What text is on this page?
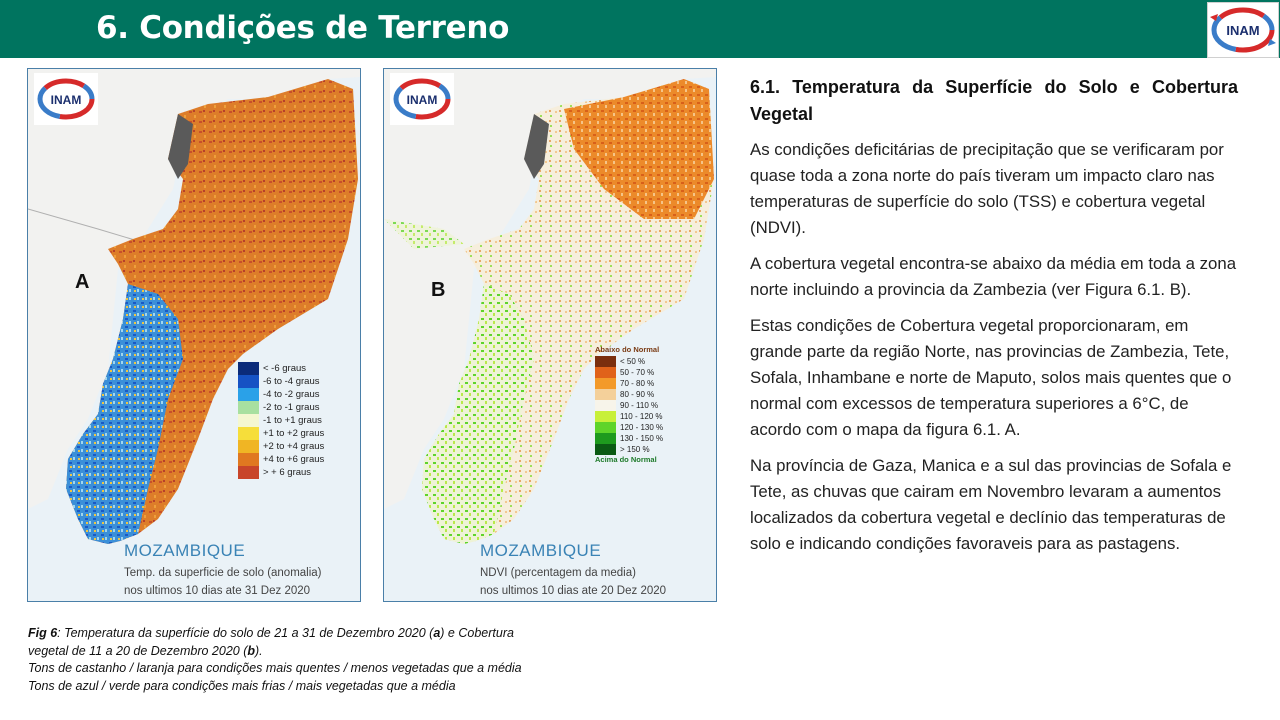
6. Condições de Terreno	INAM
INAM
A
< -6 graus
-6 to -4 graus
-4 to -2 graus
-2 to -1 graus
-1 to +1 graus
+1 to +2 graus
+2 to +4 graus
+4 to +6 graus
> + 6 graus
MOZAMBIQUE
Temp. da superficie de solo (anomalia)
nos ultimos 10 dias ate 31 Dez 2020
INAM
B
Abaixo do Normal
< 50 %
50 - 70 %
70 - 80 %
80 - 90 %
90 - 110 %
110 - 120 %
120 - 130 %
130 - 150 %
> 150 %
Acima do Normal
MOZAMBIQUE
NDVI (percentagem da media)
nos ultimos 10 dias ate 20 Dez 2020
Fig 6: Temperatura da superfície do solo de 21 a 31 de Dezembro 2020 (a) e Cobertura
vegetal de 11 a 20 de Dezembro 2020 (b).
Tons de castanho / laranja para condições mais quentes / menos vegetadas que a média
Tons de azul / verde para condições mais frias / mais vegetadas que a média
6.1. Temperatura da Superfície do Solo e Cobertura Vegetal

As condições deficitárias de precipitação que se verificaram por quase toda a zona norte do país tiveram um impacto claro nas temperaturas de superfície do solo (TSS) e cobertura vegetal (NDVI).

A cobertura vegetal encontra-se abaixo da média em toda a zona norte incluindo a provincia da Zambezia (ver Figura 6.1. B).

Estas condições de Cobertura vegetal proporcionaram, em grande parte da região Norte, nas provincias de Zambezia, Tete, Sofala, Inhambane e norte de Maputo, solos mais quentes que o normal com excessos de temperatura superiores a 6°C, de acordo com o mapa da figura 6.1. A.

Na província de Gaza, Manica e a sul das provincias de Sofala e Tete, as chuvas que cairam em Novembro levaram a aumentos localizados da cobertura vegetal e declínio das temperaturas de solo e indicando condições favoraveis para as pastagens.
